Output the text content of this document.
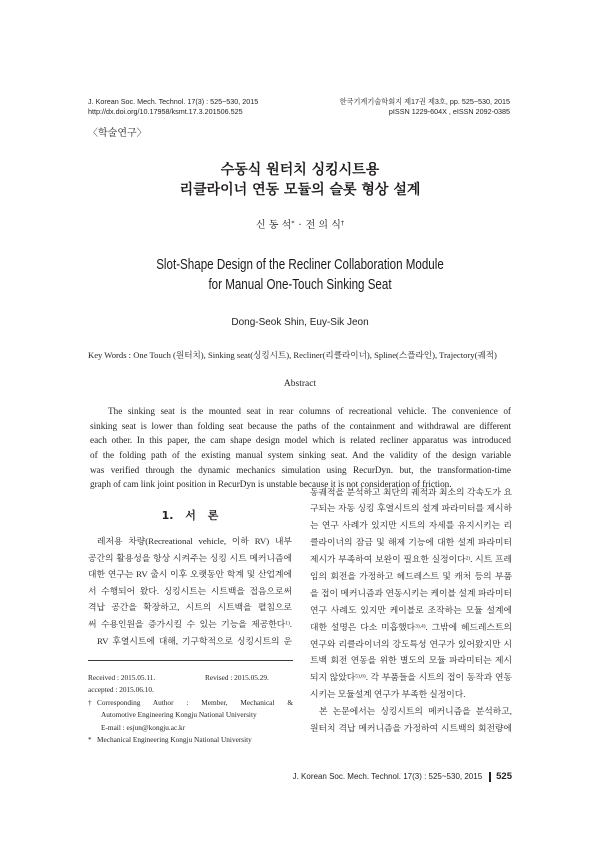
J. Korean Soc. Mech. Technol. 17(3) : 525~530, 2015
http://dx.doi.org/10.17958/ksmt.17.3.201506.525
한국기계기술학회지 제17권 제3호, pp. 525~530, 2015
pISSN 1229-604X , eISSN 2092-0385
〈학술연구〉
수동식 원터치 싱킹시트용
리클라이너 연동 모듈의 슬롯 형상 설계
신 동 석* · 전 의 식†
Slot-Shape Design of the Recliner Collaboration Module
for Manual One-Touch Sinking Seat
Dong-Seok Shin, Euy-Sik Jeon
Key Words : One Touch (원터치), Sinking seat(싱킹시트), Recliner(리클라이너), Spline(스플라인), Trajectory(궤적)
Abstract
The sinking seat is the mounted seat in rear columns of recreational vehicle. The convenience of
sinking seat is lower than folding seat because the paths of the containment and withdrawal are different
each other. In this paper, the cam shape design model which is related recliner apparatus was introduced
of the folding path of the existing manual system sinking seat. And the validity of the design variable
was verified through the dynamic mechanics simulation using RecurDyn. but, the transformation-time
graph of cam link joint position in RecurDyn is unstable because it is not consideration of friction.
1. 서 론
레저용 차량(Recreational vehicle, 이하 RV) 내부
공간의 활용성을 항상 시켜주는 싱킹 시트 메커니즘에
대한 연구는 RV 출시 이후 오랫동안 학계 및 산업계에
서 수행되어 왔다. 싱킹시트는 시트백을 접음으로써
격납 공간을 확장하고, 시트의 시트백을 펼침으로
써 수용인원을 증가시킬 수 있는 기능을 제공한다$^{1)}$.
RV 후열시트에 대해, 기구학적으로 싱킹시트의 운
동궤적을 분석하고 최단의 궤적과 최소의 각속도가 요
구되는 자동 싱킹 후열시트의 설계 파라미터를 제시하
는 연구 사례가 있지만 시트의 자세를 유지시키는 리
클라이너의 잠금 및 해제 기능에 대한 설계 파라미터
제시가 부족하여 보완이 필요한 실정이다$^{2)}$. 시트 프레
임의 회전을 가정하고 헤드레스트 및 캐처 등의 부품
을 접이 메커니즘과 연동시키는 케이블 설계 파라미터
연구 사례도 있지만 케이블로 조작하는 모듈 설계에
대한 설명은 다소 미흡했다$^{3),4)}$. 그밖에 헤드레스트의
연구와 리클라이너의 강도특성 연구가 있어왔지만 시
트백 회전 연동을 위한 별도의 모듈 파라미터는 제시
되지 않았다$^{5),6)}$. 각 부품들을 시트의 접이 동작과 연동
시키는 모듈설계 연구가 부족한 실정이다.
본 논문에서는 싱킹시트의 메커니즘을 분석하고,
원터치 격납 메커니즘을 가정하여 시트백의 회전량에
Received : 2015.05.11.	Revised : 2015.05.29.
accepted : 2015.06.10.
† Corresponding Author : Member, Mechanical &
Automotive Engineering Kongju National University
E-mail : esjun@kongju.ac.kr
* Mechanical Engineering Kongju National University
J. Korean Soc. Mech. Technol. 17(3) : 525~530, 2015 525
